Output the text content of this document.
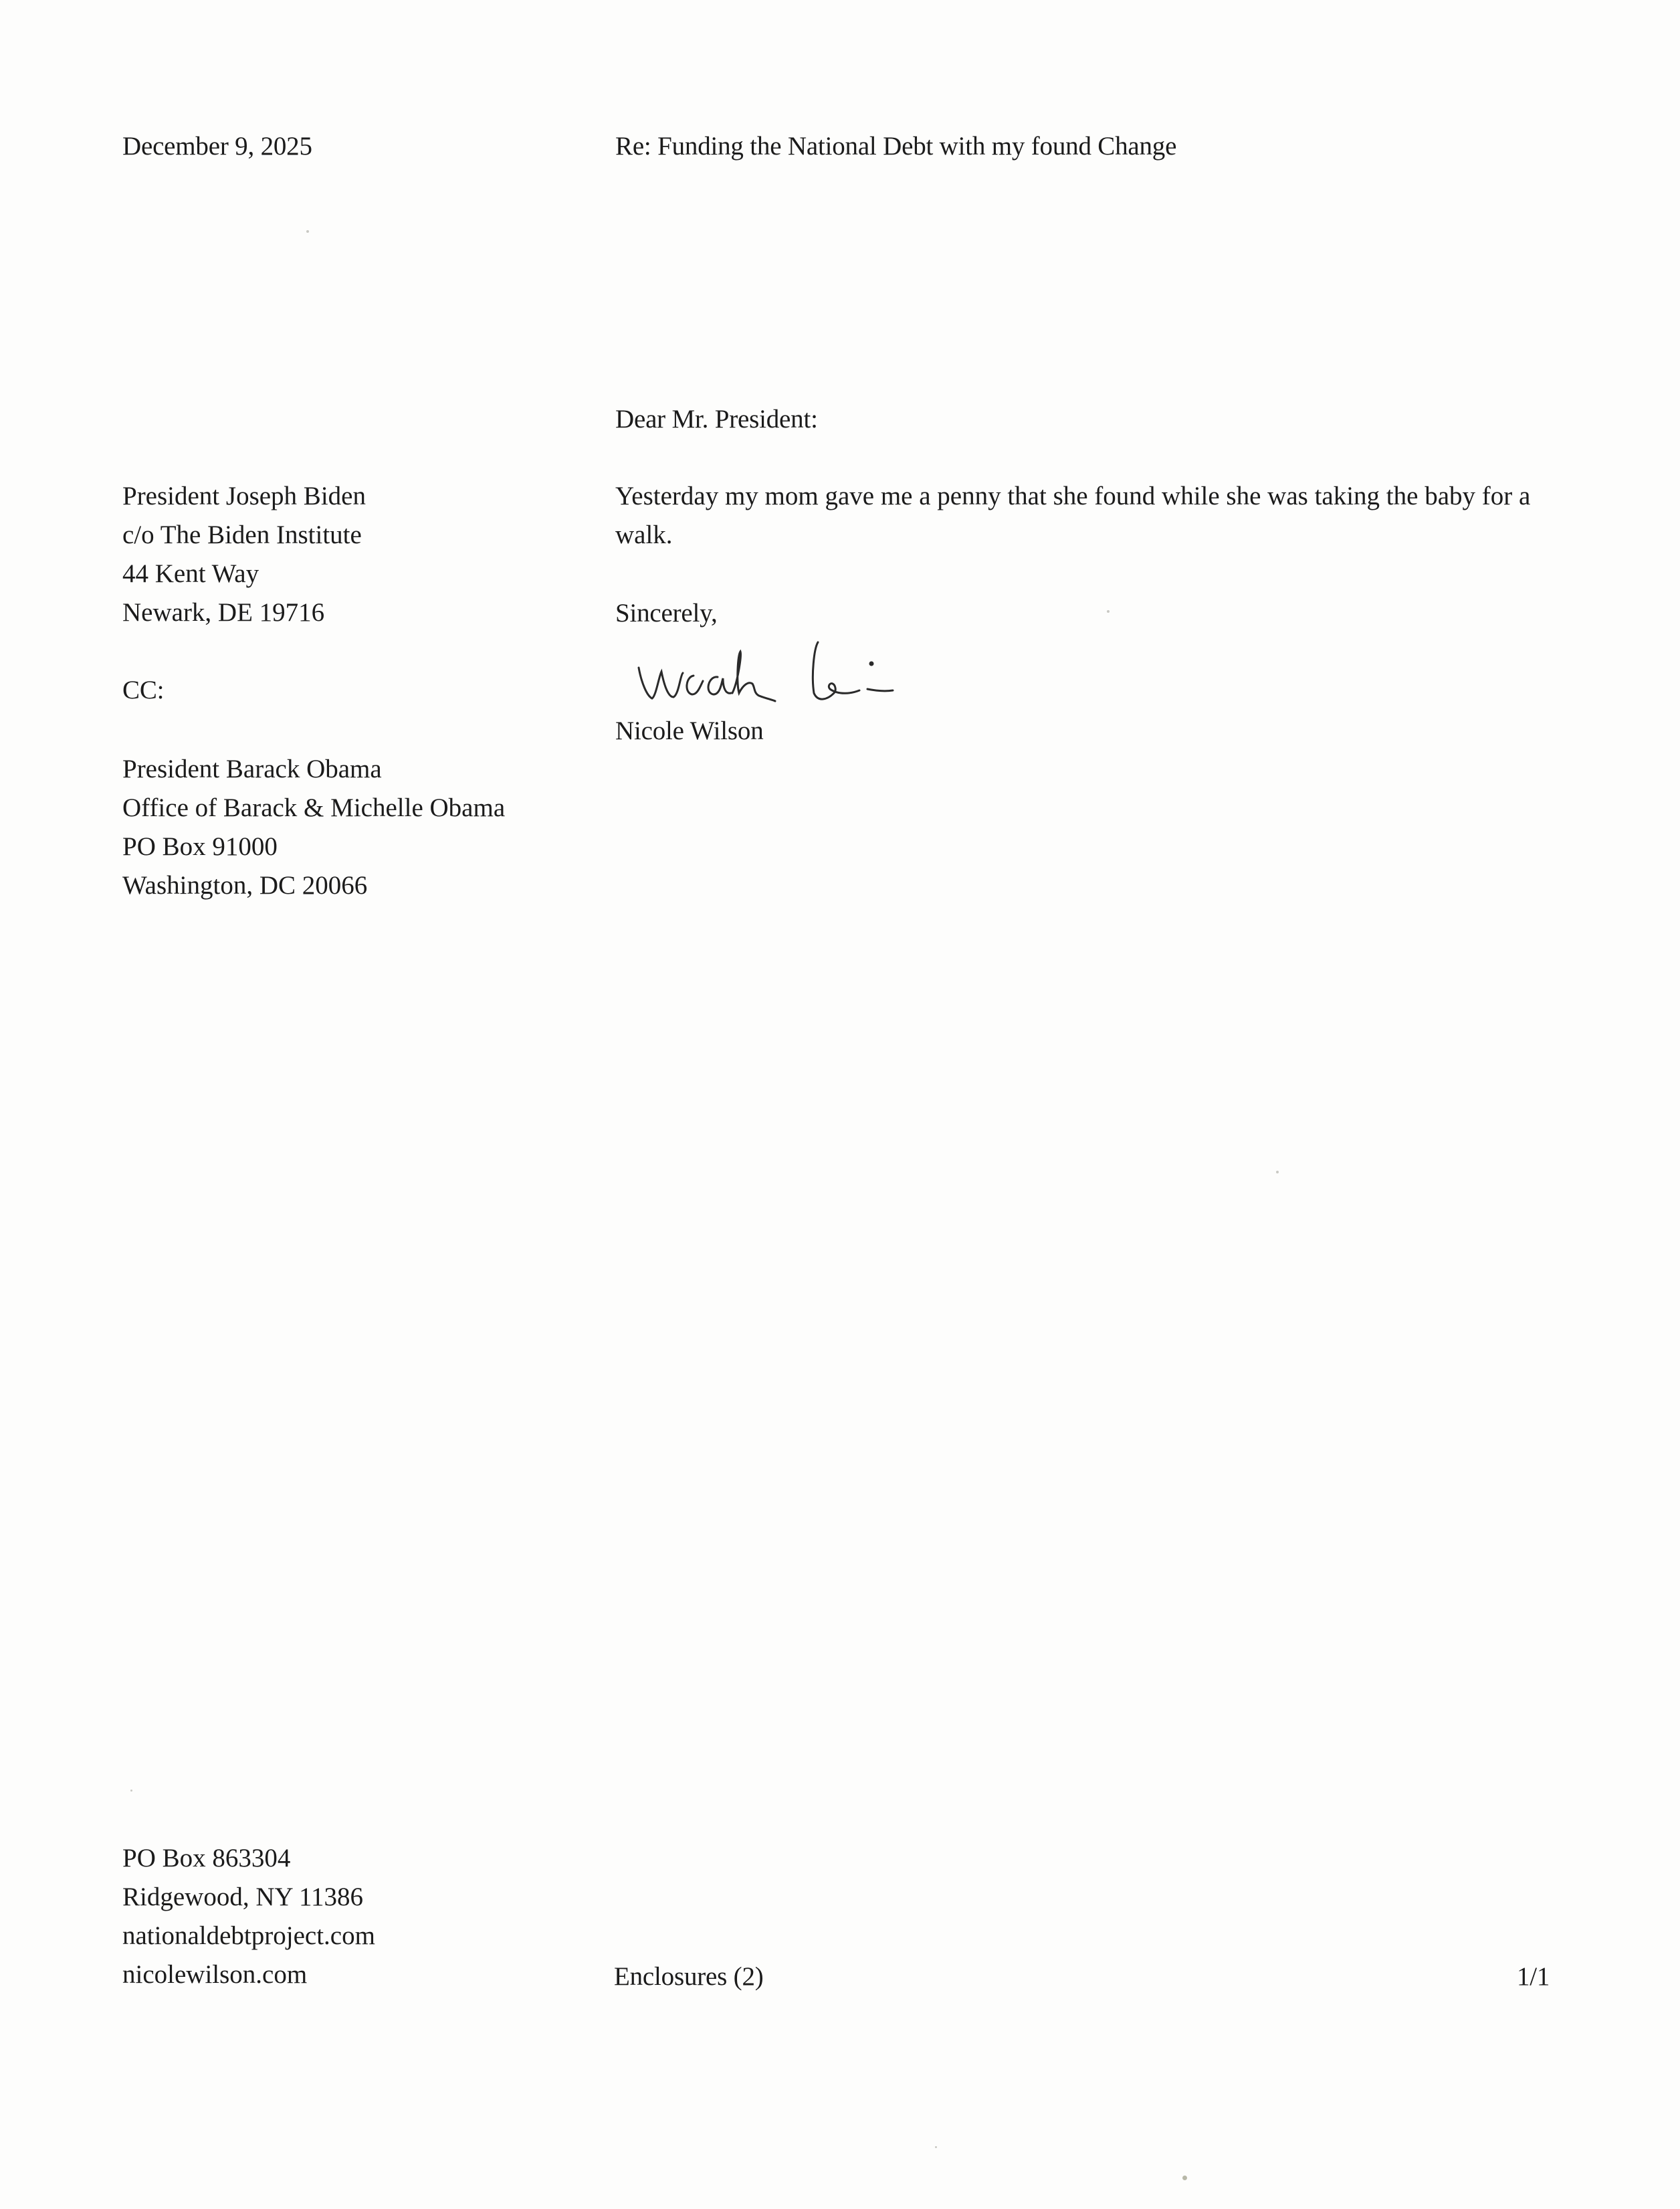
December 9, 2025	Re: Funding the National Debt with my found Change
Dear Mr. President:
President Joseph Biden
c/o The Biden Institute
44 Kent Way
Newark, DE 19716
Yesterday my mom gave me a penny that she found while she was taking the baby for a walk.
Sincerely,
CC:
Nicole Wilson
President Barack Obama
Office of Barack & Michelle Obama
PO Box 91000
Washington, DC 20066
PO Box 863304
Ridgewood, NY 11386
nationaldebtproject.com
nicolewilson.com	Enclosures (2)	1/1
